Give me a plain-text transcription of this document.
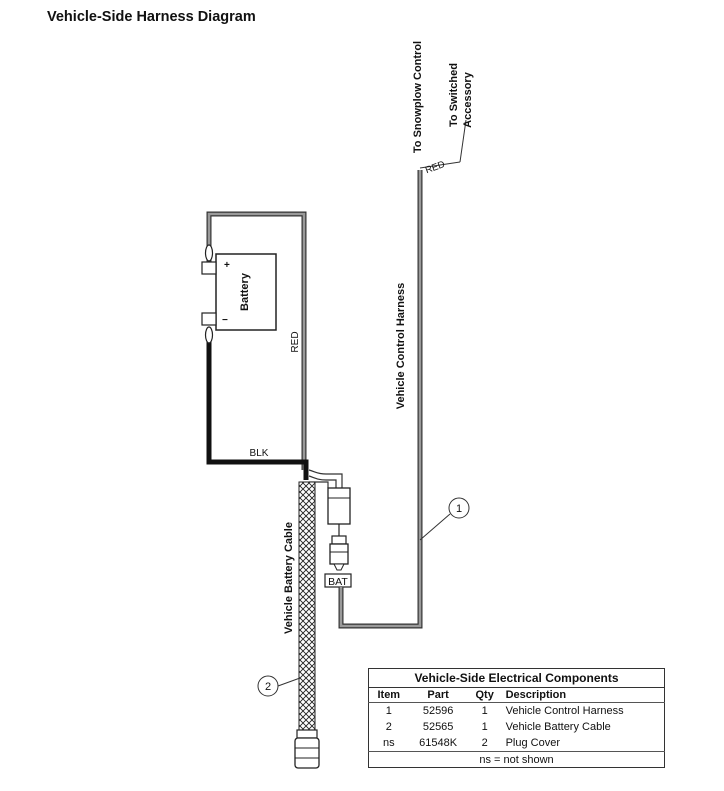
Vehicle-Side Harness Diagram
+
−
Battery
RED
BLK
BAT
RED
To Snowplow Control To Switched Accessory
Vehicle Control Harness
1
Vehicle Battery Cable
2
Vehicle-Side Electrical Components			
Item	Part	Qty	Description
1	52596	1	Vehicle Control Harness
2	52565	1	Vehicle Battery Cable
ns	61548K	2	Plug Cover
ns = not shown			
